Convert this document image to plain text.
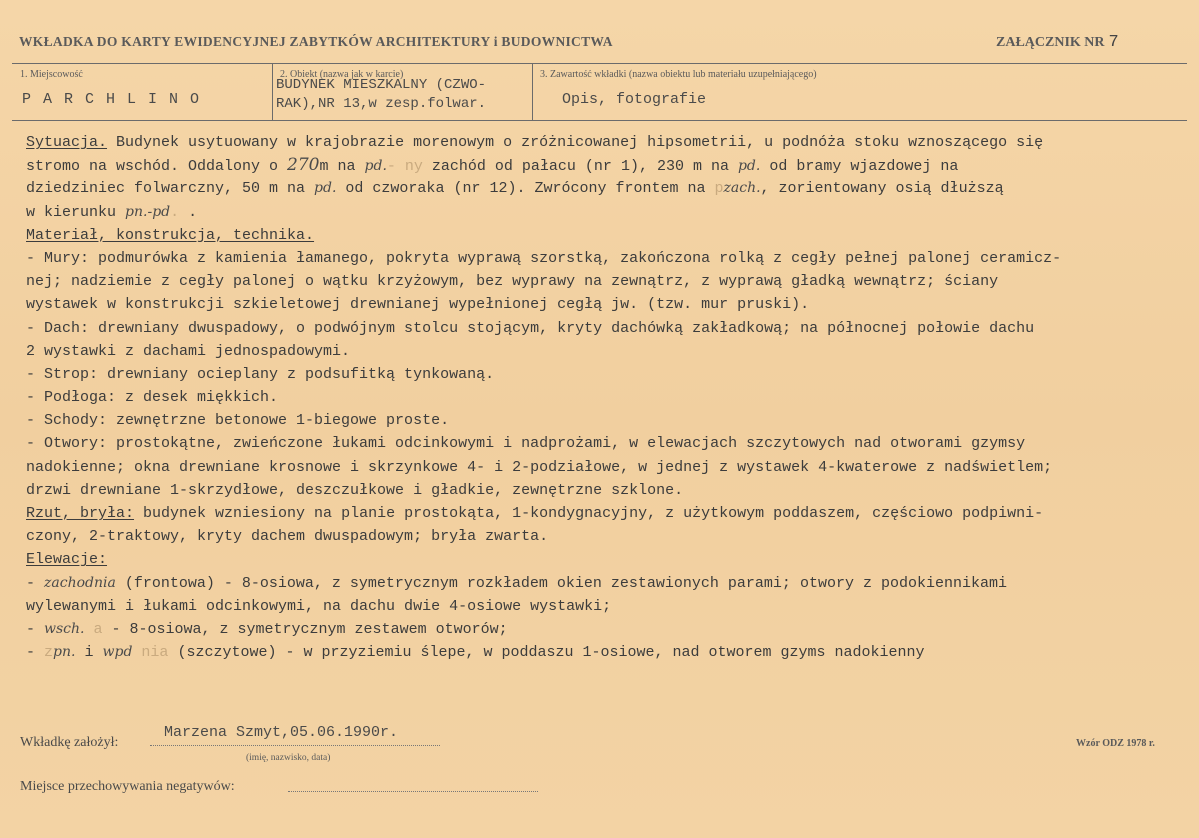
WKŁADKA DO KARTY EWIDENCYJNEJ ZABYTKÓW ARCHITEKTURY i BUDOWNICTWA	ZAŁĄCZNIK NR 7
1. Miejscowość
PARCHLINO
2. Obiekt (nazwa jak w karcie)
BUDYNEK MIESZKALNY (CZWO-
RAK),NR 13,w zesp.folwar.
3. Zawartość wkładki (nazwa obiektu lub materiału uzupełniającego)
Opis, fotografie
Sytuacja. Budynek usytuowany w krajobrazie morenowym o zróżnicowanej hipsometrii, u podnóża stoku wznoszącego się
stromo na wschód. Oddalony o 270m na pd.- ny zachód od pałacu (nr 1), 230 m na pd. od bramy wjazdowej na
dziedziniec folwarczny, 50 m na pd. od czworaka (nr 12). Zwrócony frontem na pzach., zorientowany osią dłuższą
w kierunku pn.-pd. .
Materiał, konstrukcja, technika.
- Mury: podmurówka z kamienia łamanego, pokryta wyprawą szorstką, zakończona rolką z cegły pełnej palonej ceramicz-
nej; nadziemie z cegły palonej o wątku krzyżowym, bez wyprawy na zewnątrz, z wyprawą gładką wewnątrz; ściany
wystawek w konstrukcji szkieletowej drewnianej wypełnionej cegłą jw. (tzw. mur pruski).
- Dach: drewniany dwuspadowy, o podwójnym stolcu stojącym, kryty dachówką zakładkową; na północnej połowie dachu
2 wystawki z dachami jednospadowymi.
- Strop: drewniany ocieplany z podsufitką tynkowaną.
- Podłoga: z desek miękkich.
- Schody: zewnętrzne betonowe 1-biegowe proste.
- Otwory: prostokątne, zwieńczone łukami odcinkowymi i nadprożami, w elewacjach szczytowych nad otworami gzymsy
nadokienne; okna drewniane krosnowe i skrzynkowe 4- i 2-podziałowe, w jednej z wystawek 4-kwaterowe z nadświetlem;
drzwi drewniane 1-skrzydłowe, deszczułkowe i gładkie, zewnętrzne szklone.
Rzut, bryła: budynek wzniesiony na planie prostokąta, 1-kondygnacyjny, z użytkowym poddaszem, częściowo podpiwni-
czony, 2-traktowy, kryty dachem dwuspadowym; bryła zwarta.
Elewacje:
- zachodnia (frontowa) - 8-osiowa, z symetrycznym rozkładem okien zestawionych parami; otwory z podokiennikami
wylewanymi i łukami odcinkowymi, na dachu dwie 4-osiowe wystawki;
- wsch. a - 8-osiowa, z symetrycznym zestawem otworów;
- zpn. i wpd nia (szczytowe) - w przyziemiu ślepe, w poddaszu 1-osiowe, nad otworem gzyms nadokienny
Wkładkę założył:
Marzena Szmyt,05.06.1990r.
(imię, nazwisko, data)
Wzór ODZ 1978 r.
Miejsce przechowywania negatywów:
